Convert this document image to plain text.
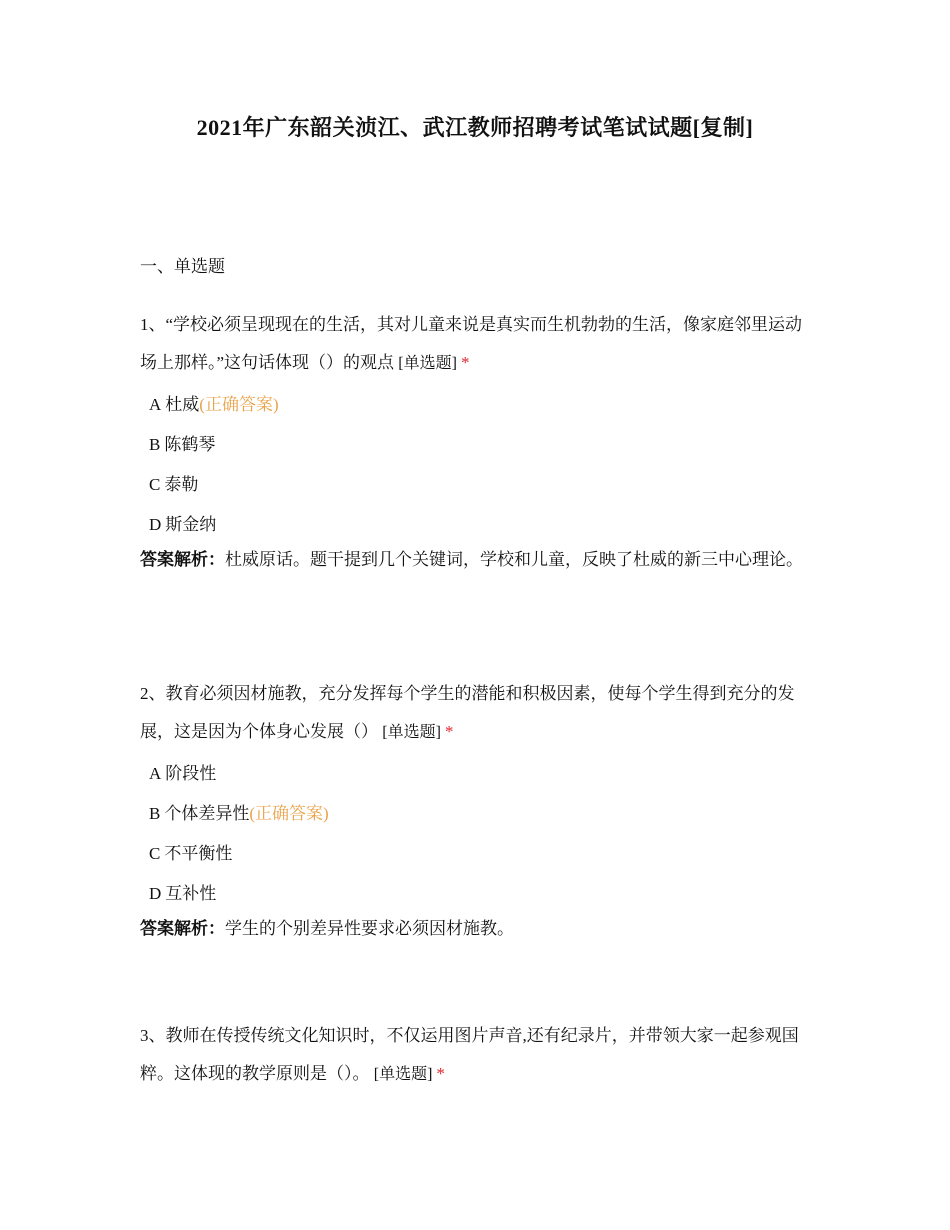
2021年广东韶关浈江、武江教师招聘考试笔试试题[复制]
一、单选题

1、“学校必须呈现现在的生活，其对儿童来说是真实而生机勃勃的生活，像家庭邻里运动场上那样。”这句话体现（）的观点 [单选题] *

A 杜威(正确答案)
B 陈鹤琴
C 泰勒
D 斯金纳
答案解析：杜威原话。题干提到几个关键词，学校和儿童，反映了杜威的新三中心理论。

2、教育必须因材施教，充分发挥每个学生的潜能和积极因素，使每个学生得到充分的发展，这是因为个体身心发展（） [单选题] *

A 阶段性
B 个体差异性(正确答案)
C 不平衡性
D 互补性
答案解析：学生的个别差异性要求必须因材施教。

3、教师在传授传统文化知识时，不仅运用图片声音,还有纪录片，并带领大家一起参观国粹。这体现的教学原则是（）。 [单选题] *
